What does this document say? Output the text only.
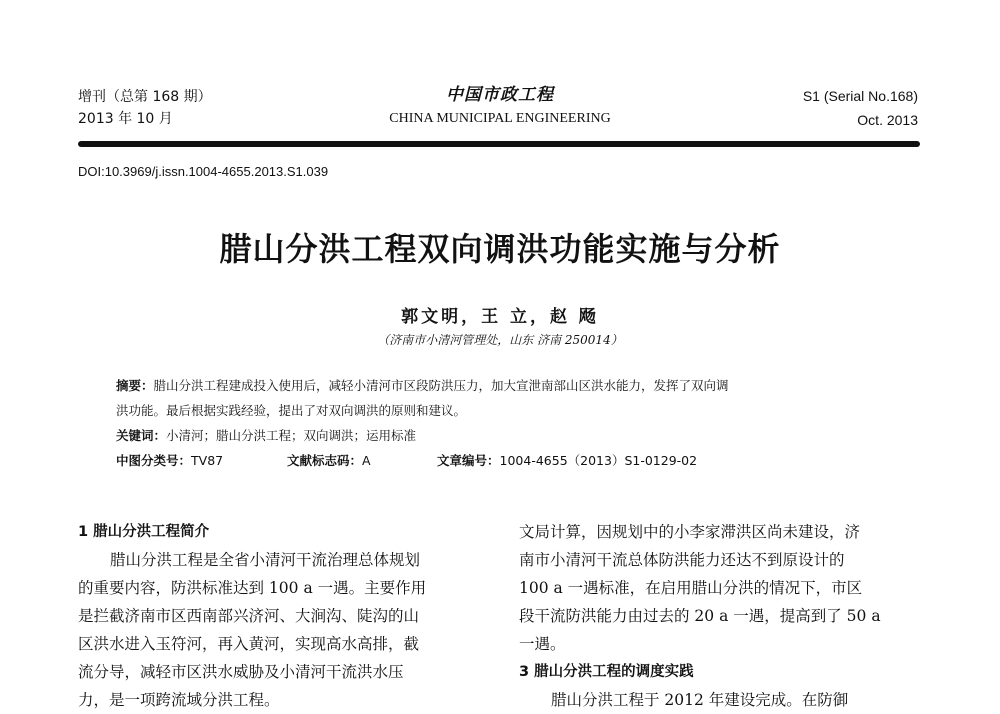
增刊（总第 168 期）
2013 年 10 月
中国市政工程
CHINA MUNICIPAL ENGINEERING
S1 (Serial No.168)
Oct. 2013
DOI:10.3969/j.issn.1004-4655.2013.S1.039
腊山分洪工程双向调洪功能实施与分析
郭文明，王 立，赵 飏
（济南市小清河管理处，山东 济南 250014）
摘要：腊山分洪工程建成投入使用后，减轻小清河市区段防洪压力，加大宣泄南部山区洪水能力，发挥了双向调
洪功能。最后根据实践经验，提出了对双向调洪的原则和建议。
关键词：小清河；腊山分洪工程；双向调洪；运用标准
中图分类号：TV87	文献标志码：A	文章编号：1004-4655（2013）S1-0129-02
1 腊山分洪工程简介
腊山分洪工程是全省小清河干流治理总体规划
的重要内容，防洪标准达到 100 a 一遇。主要作用
是拦截济南市区西南部兴济河、大涧沟、陡沟的山
区洪水进入玉符河，再入黄河，实现高水高排，截
流分导，减轻市区洪水威胁及小清河干流洪水压
力，是一项跨流域分洪工程。
文局计算，因规划中的小李家滞洪区尚未建设，济
南市小清河干流总体防洪能力还达不到原设计的
100 a 一遇标准，在启用腊山分洪的情况下，市区
段干流防洪能力由过去的 20 a 一遇，提高到了 50 a
一遇。
3 腊山分洪工程的调度实践
腊山分洪工程于 2012 年建设完成。在防御
